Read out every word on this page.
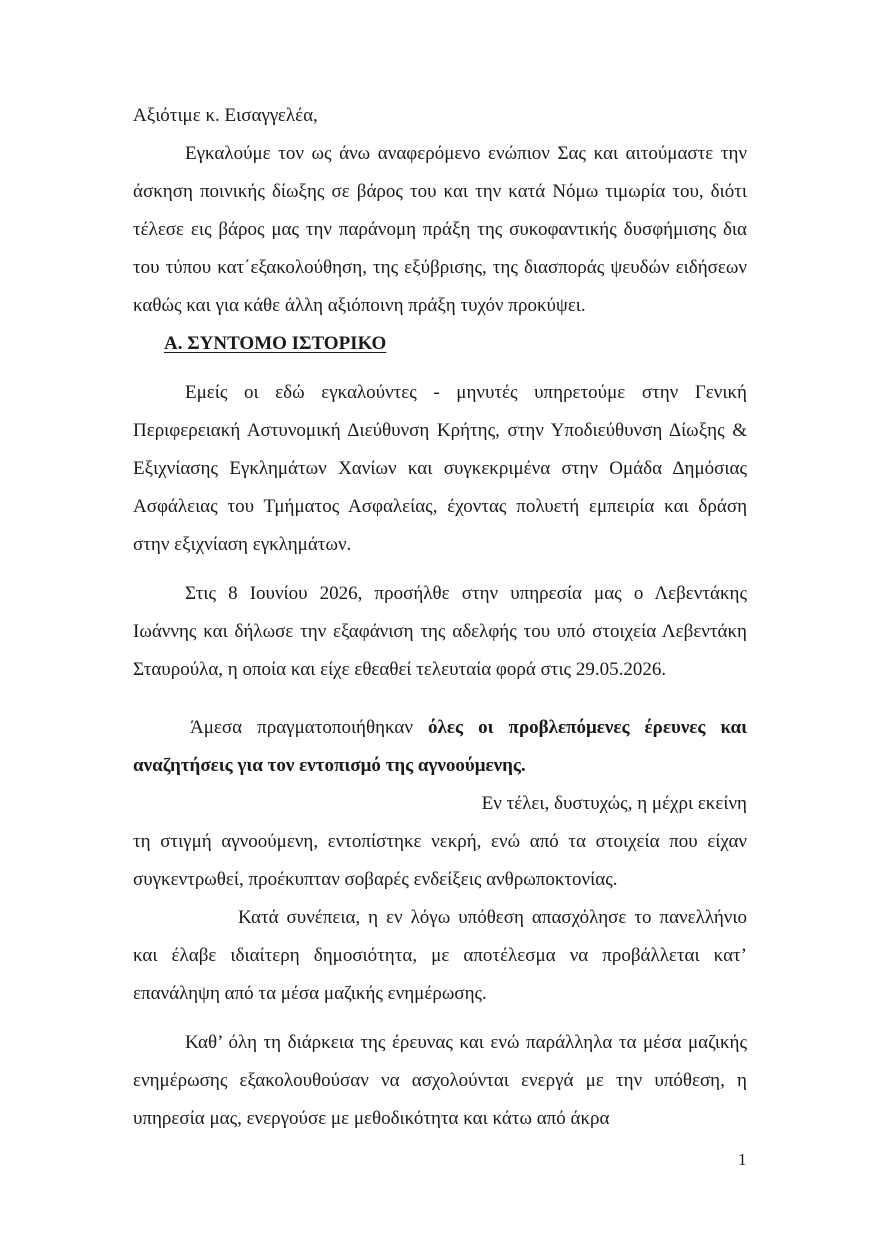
Αξιότιμε κ. Εισαγγελέα,

Εγκαλούμε τον ως άνω αναφερόμενο ενώπιον Σας και αιτούμαστε την άσκηση ποινικής δίωξης σε βάρος του και την κατά Νόμω τιμωρία του, διότι τέλεσε εις βάρος μας την παράνομη πράξη της συκοφαντικής δυσφήμισης δια του τύπου κατ΄εξακολούθηση, της εξύβρισης, της διασποράς ψευδών ειδήσεων καθώς και για κάθε άλλη αξιόποινη πράξη τυχόν προκύψει.

Α. ΣΥΝΤΟΜΟ ΙΣΤΟΡΙΚΟ

Εμείς οι εδώ εγκαλούντες - μηνυτές υπηρετούμε στην Γενική Περιφερειακή Αστυνομική Διεύθυνση Κρήτης, στην Υποδιεύθυνση Δίωξης & Εξιχνίασης Εγκλημάτων Χανίων και συγκεκριμένα στην Ομάδα Δημόσιας Ασφάλειας του Τμήματος Ασφαλείας, έχοντας πολυετή εμπειρία και δράση στην εξιχνίαση εγκλημάτων.

Στις 8 Ιουνίου 2026, προσήλθε στην υπηρεσία μας ο Λεβεντάκης Ιωάννης και δήλωσε την εξαφάνιση της αδελφής του υπό στοιχεία Λεβεντάκη Σταυρούλα, η οποία και είχε εθεαθεί τελευταία φορά στις 29.05.2026.

Άμεσα πραγματοποιήθηκαν όλες οι προβλεπόμενες έρευνες και αναζητήσεις για τον εντοπισμό της αγνοούμενης.

Εν τέλει, δυστυχώς, η μέχρι εκείνη

τη στιγμή αγνοούμενη, εντοπίστηκε νεκρή, ενώ από τα στοιχεία που είχαν συγκεντρωθεί, προέκυπταν σοβαρές ενδείξεις ανθρωποκτονίας.

Κατά συνέπεια, η εν λόγω υπόθεση απασχόλησε το πανελλήνιο και έλαβε ιδιαίτερη δημοσιότητα, με αποτέλεσμα να προβάλλεται κατ’ επανάληψη από τα μέσα μαζικής ενημέρωσης.

Καθ’ όλη τη διάρκεια της έρευνας και ενώ παράλληλα τα μέσα μαζικής ενημέρωσης εξακολουθούσαν να ασχολούνται ενεργά με την υπόθεση, η υπηρεσία μας, ενεργούσε με μεθοδικότητα και κάτω από άκρα

1
